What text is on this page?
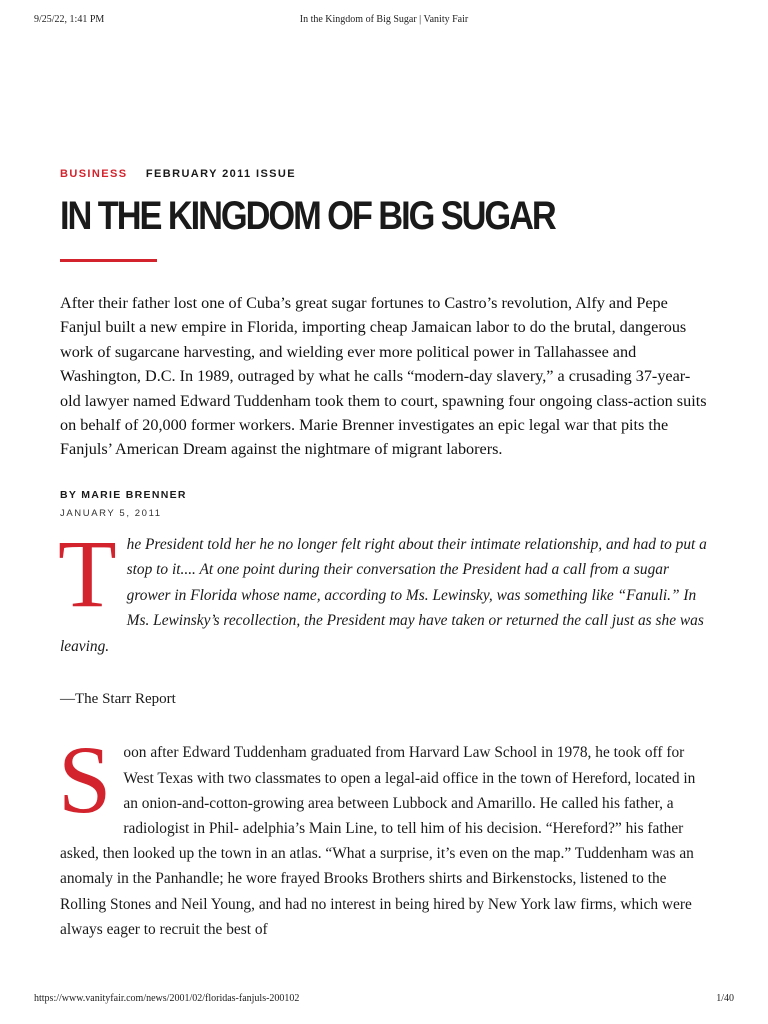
9/25/22, 1:41 PM	In the Kingdom of Big Sugar | Vanity Fair
BUSINESS FEBRUARY 2011 ISSUE
IN THE KINGDOM OF BIG SUGAR

After their father lost one of Cuba’s great sugar fortunes to Castro’s revolution, Alfy and Pepe Fanjul built a new empire in Florida, importing cheap Jamaican labor to do the brutal, dangerous work of sugarcane harvesting, and wielding ever more political power in Tallahassee and Washington, D.C. In 1989, outraged by what he calls “modern-day slavery,” a crusading 37-year-old lawyer named Edward Tuddenham took them to court, spawning four ongoing class-action suits on behalf of 20,000 former workers. Marie Brenner investigates an epic legal war that pits the Fanjuls’ American Dream against the nightmare of migrant laborers.

BY MARIE BRENNER
JANUARY 5, 2011
T he President told her he no longer felt right about their intimate relationship, and had to put a stop to it.... At one point during their conversation the President had a call from a sugar grower in Florida whose name, according to Ms. Lewinsky, was something like “Fanuli.” In Ms. Lewinsky’s recollection, the President may have taken or returned the call just as she was leaving.
—The Starr Report
S oon after Edward Tuddenham graduated from Harvard Law School in 1978, he took off for West Texas with two classmates to open a legal-aid office in the town of Hereford, located in an onion-and-cotton-growing area between Lubbock and Amarillo. He called his father, a radiologist in Phil- adelphia’s Main Line, to tell him of his decision. “Hereford?” his father asked, then looked up the town in an atlas. “What a surprise, it’s even on the map.” Tuddenham was an anomaly in the Panhandle; he wore frayed Brooks Brothers shirts and Birkenstocks, listened to the Rolling Stones and Neil Young, and had no interest in being hired by New York law firms, which were always eager to recruit the best of
https://www.vanityfair.com/news/2001/02/floridas-fanjuls-200102	1/40
